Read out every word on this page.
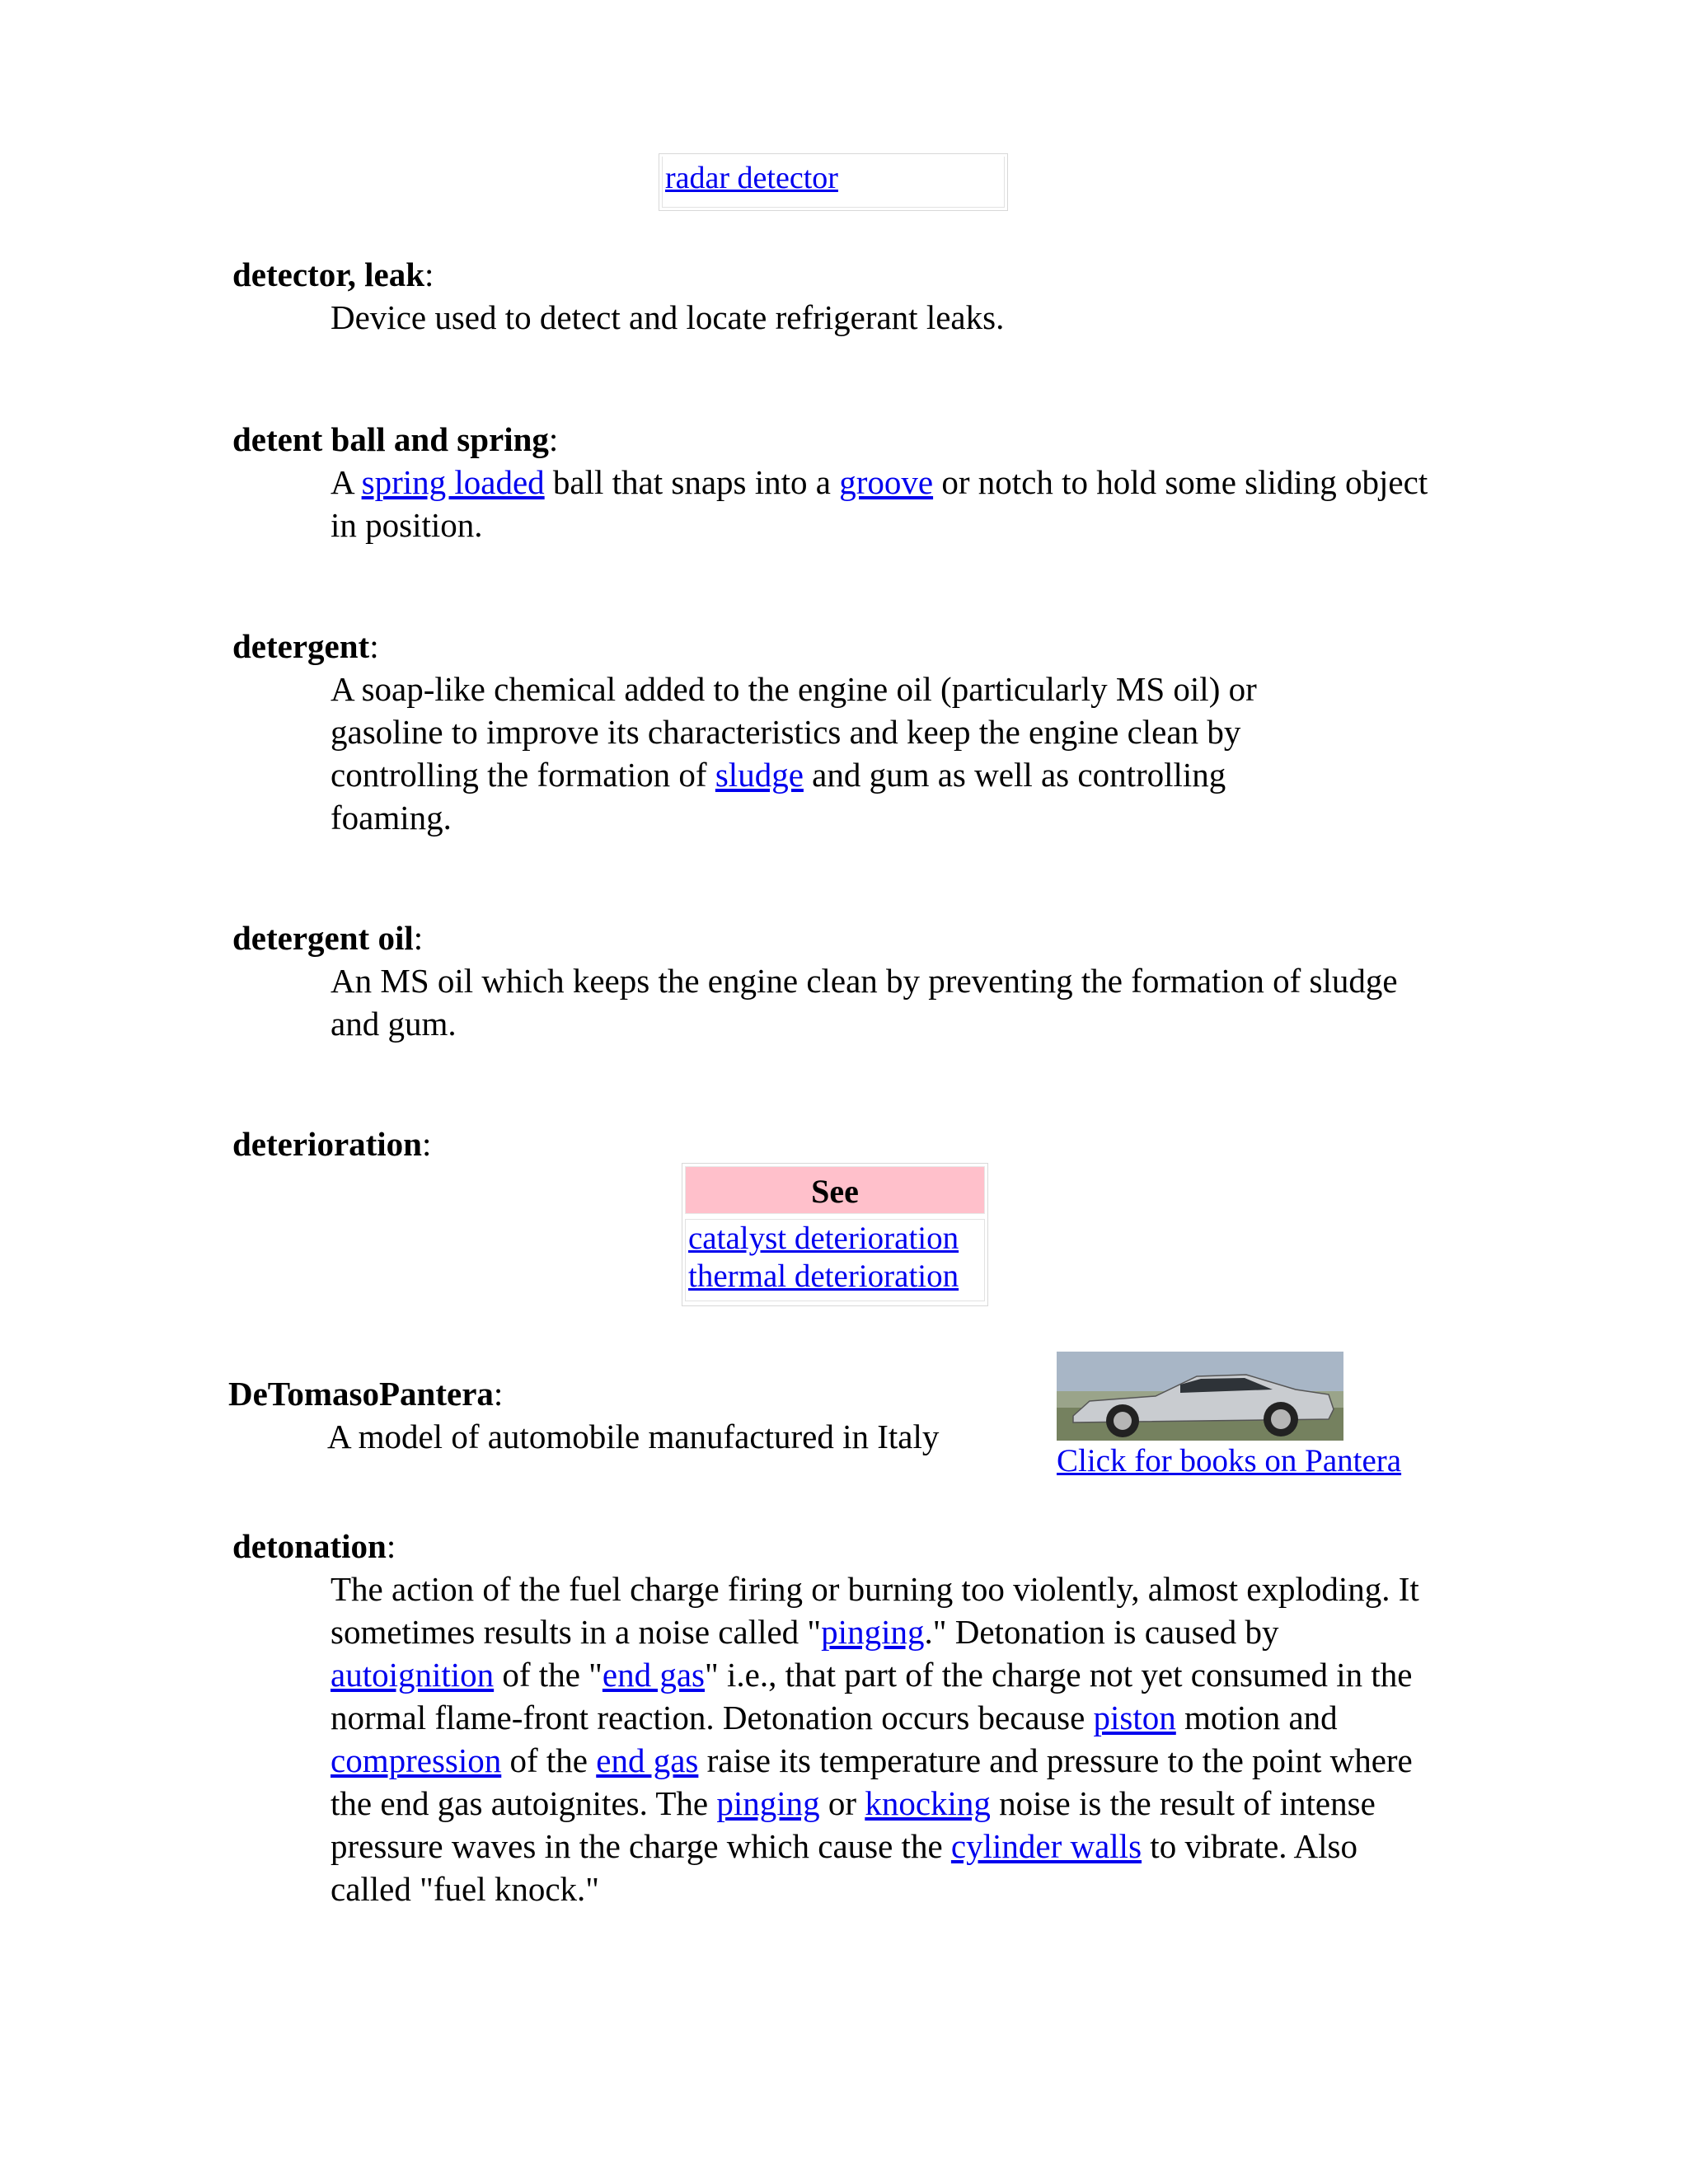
radar detector
detector, leak:
Device used to detect and locate refrigerant leaks.
detent ball and spring:
A spring loaded ball that snaps into a groove or notch to hold some sliding object in position.
detergent:
A soap-like chemical added to the engine oil (particularly MS oil) or gasoline to improve its characteristics and keep the engine clean by controlling the formation of sludge and gum as well as controlling foaming.
detergent oil:
An MS oil which keeps the engine clean by preventing the formation of sludge and gum.
deterioration:
See
catalyst deterioration
thermal deterioration
DeTomasoPantera:
A model of automobile manufactured in Italy
Click for books on Pantera
detonation:
The action of the fuel charge firing or burning too violently, almost exploding. It sometimes results in a noise called "pinging." Detonation is caused by autoignition of the "end gas" i.e., that part of the charge not yet consumed in the normal flame-front reaction. Detonation occurs because piston motion and compression of the end gas raise its temperature and pressure to the point where the end gas autoignites. The pinging or knocking noise is the result of intense pressure waves in the charge which cause the cylinder walls to vibrate. Also called "fuel knock."
